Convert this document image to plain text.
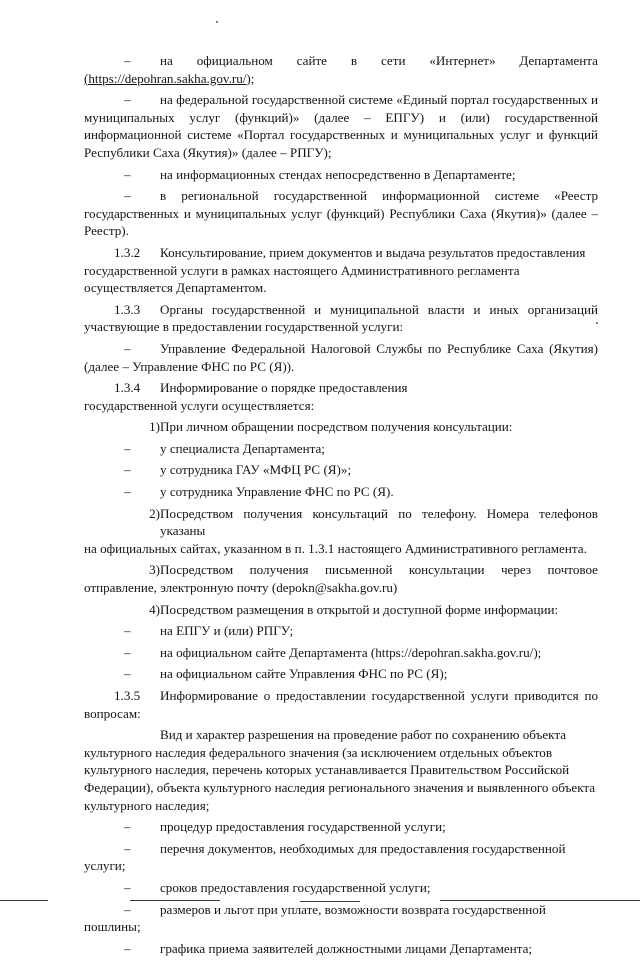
–	на официальном сайте в сети «Интернет» Департамента
(https://depohran.sakha.gov.ru/);
–	на федеральной государственной системе «Единый портал государственных и
муниципальных услуг (функций)» (далее – ЕПГУ) и (или) государственной информационной системе «Портал государственных и муниципальных услуг и функций Республики Саха (Якутия)» (далее – РПГУ);
–	на информационных стендах непосредственно в Департаменте;
–	в региональной государственной информационной системе «Реестр
государственных и муниципальных услуг (функций) Республики Саха (Якутия)» (далее – Реестр).
1.3.2	Консультирование, прием документов и выдача результатов предоставления государственной услуги в рамках настоящего Административного регламента осуществляется Департаментом.
1.3.3	Органы государственной и муниципальной власти и иных организаций участвующие в предоставлении государственной услуги:
–	Управление Федеральной Налоговой Службы по Республике Саха (Якутия)
(далее – Управление ФНС по РС (Я)).
1.3.4	Информирование о порядке предоставления государственной услуги осуществляется:
1) При личном обращении посредством получения консультации:
–	у специалиста Департамента;
–	у сотрудника ГАУ «МФЦ РС (Я)»;
–	у сотрудника Управление ФНС по РС (Я).
2) Посредством получения консультаций по телефону. Номера телефонов указаны
на официальных сайтах, указанном в п. 1.3.1 настоящего Административного регламента.
3) Посредством получения письменной консультации через почтовое
отправление, электронную почту (depokn@sakha.gov.ru)
4) Посредством размещения в открытой и доступной форме информации:
–	на ЕПГУ и (или) РПГУ;
–	на официальном сайте Департамента (https://depohran.sakha.gov.ru/);
–	на официальном сайте Управления ФНС по РС (Я);
1.3.5	Информирование о предоставлении государственной услуги приводится по вопросам:
Вид и характер разрешения на проведение работ по сохранению объекта культурного наследия федерального значения (за исключением отдельных объектов культурного наследия, перечень которых устанавливается Правительством Российской Федерации), объекта культурного наследия регионального значения и выявленного объекта культурного наследия;
–	процедур предоставления государственной услуги;
–	перечня документов, необходимых для предоставления государственной
услуги;
–	сроков предоставления государственной услуги;
–	размеров и льгот при уплате, возможности возврата государственной
пошлины;
–	графика приема заявителей должностными лицами Департамента;
